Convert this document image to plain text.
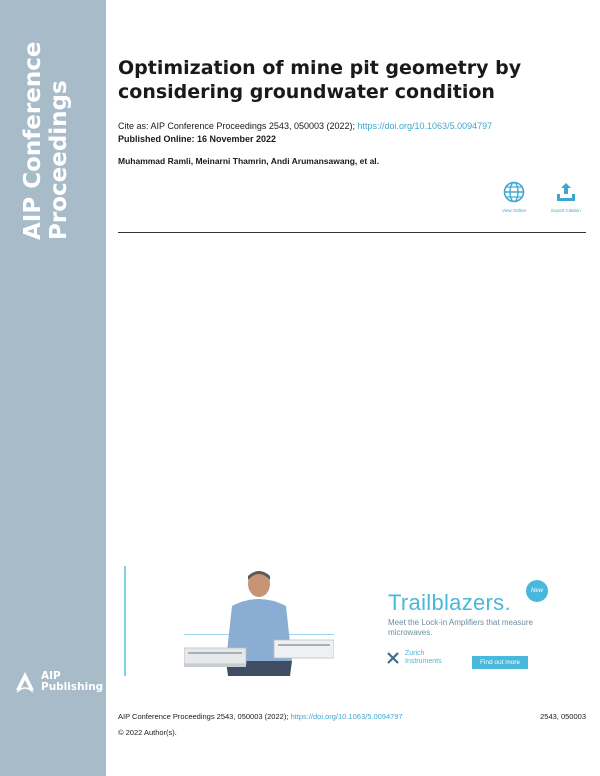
AIP Conference Proceedings
AIP
Publishing
Optimization of mine pit geometry by considering groundwater condition
Cite as: AIP Conference Proceedings 2543, 050003 (2022); https://doi.org/10.1063/5.0094797
Published Online: 16 November 2022
Muhammad Ramli, Meinarni Thamrin, Andi Arumansawang, et al.
View Online	Export Citation
New
Trailblazers.
Meet the Lock-in Amplifiers that measure microwaves.
Zurich
Instruments	Find out more
AIP Conference Proceedings 2543, 050003 (2022); https://doi.org/10.1063/5.0094797	2543, 050003
© 2022 Author(s).
